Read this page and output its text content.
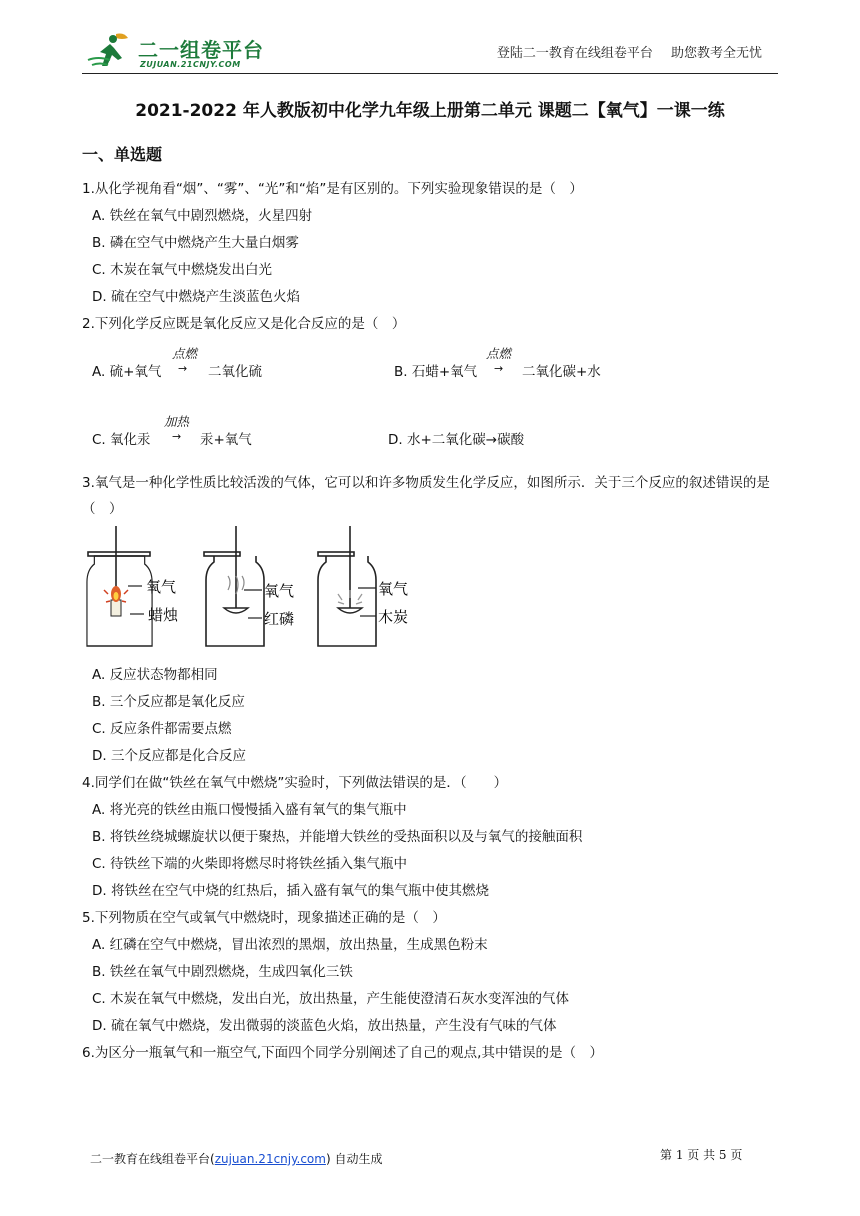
二一组卷平台
ZUJUAN.21CNJY.COM
登陆二一教育在线组卷平台 助您教考全无忧
2021-2022 年人教版初中化学九年级上册第二单元 课题二【氧气】一课一练
一、单选题
1.从化学视角看“烟”、“雾”、“光”和“焰”是有区别的。下列实验现象错误的是（　）
A. 铁丝在氧气中剧烈燃烧，火星四射
B. 磷在空气中燃烧产生大量白烟雾
C. 木炭在氧气中燃烧发出白光
D. 硫在空气中燃烧产生淡蓝色火焰
2.下列化学反应既是氧化反应又是化合反应的是（　）
A. 硫+氧气
点燃
→ 二氧化硫	B. 石蜡+氧气
点燃
→ 二氧化碳+水
C. 氧化汞
加热
→ 汞+氧气	D. 水+二氧化碳→碳酸
3.氧气是一种化学性质比较活泼的气体，它可以和许多物质发生化学反应，如图所示．关于三个反应的叙述错误的是（　）
氧气
蜡烛
氧气
红磷
氧气
木炭
A. 反应状态物都相同
B. 三个反应都是氧化反应
C. 反应条件都需要点燃
D. 三个反应都是化合反应
4.同学们在做“铁丝在氧气中燃烧”实验时，下列做法错误的是．（　　）
A. 将光亮的铁丝由瓶口慢慢插入盛有氧气的集气瓶中
B. 将铁丝绕城螺旋状以便于聚热，并能增大铁丝的受热面积以及与氧气的接触面积
C. 待铁丝下端的火柴即将燃尽时将铁丝插入集气瓶中
D. 将铁丝在空气中烧的红热后，插入盛有氧气的集气瓶中使其燃烧
5.下列物质在空气或氧气中燃烧时，现象描述正确的是（　）
A. 红磷在空气中燃烧，冒出浓烈的黑烟，放出热量，生成黑色粉末
B. 铁丝在氧气中剧烈燃烧，生成四氧化三铁
C. 木炭在氧气中燃烧，发出白光，放出热量，产生能使澄清石灰水变浑浊的气体
D. 硫在氧气中燃烧，发出微弱的淡蓝色火焰，放出热量，产生没有气味的气体
6.为区分一瓶氧气和一瓶空气,下面四个同学分别阐述了自己的观点,其中错误的是（　）
二一教育在线组卷平台(zujuan.21cnjy.com) 自动生成	第 1 页 共 5 页
